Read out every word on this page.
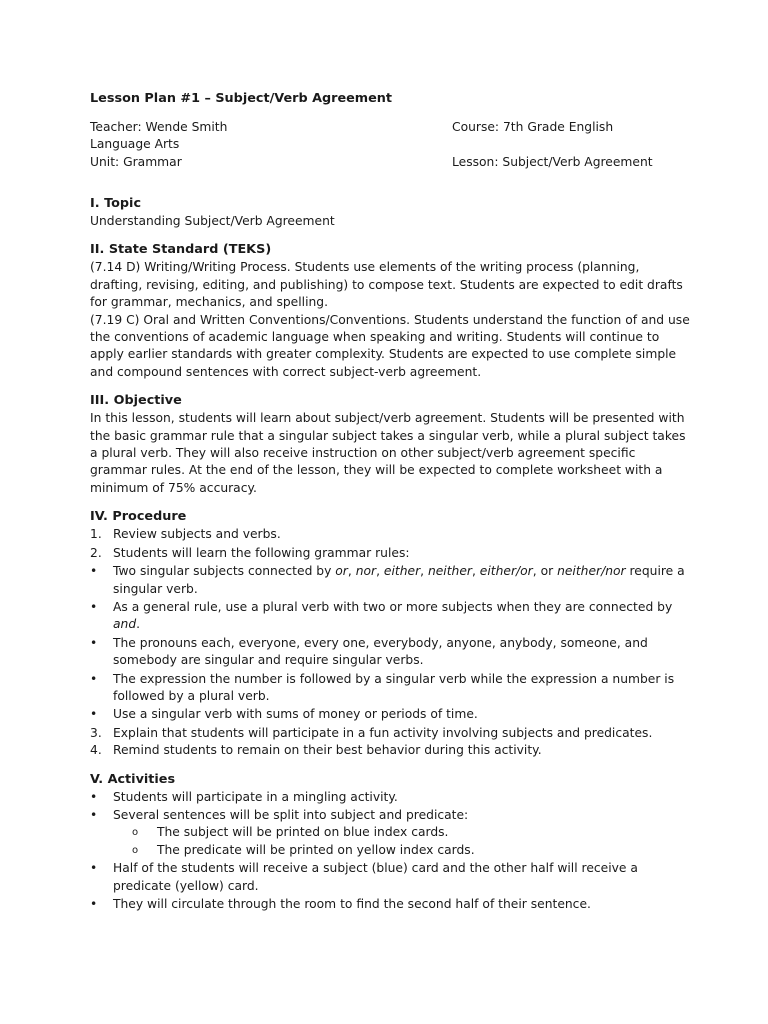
Lesson Plan #1 – Subject/Verb Agreement
Teacher: Wende Smith
Language Arts
Unit: Grammar
Course: 7th Grade English
Lesson: Subject/Verb Agreement
I. Topic

Understanding Subject/Verb Agreement

II. State Standard (TEKS)

(7.14 D) Writing/Writing Process. Students use elements of the writing process (planning, drafting, revising, editing, and publishing) to compose text. Students are expected to edit drafts for grammar, mechanics, and spelling.

(7.19 C) Oral and Written Conventions/Conventions. Students understand the function of and use the conventions of academic language when speaking and writing. Students will continue to apply earlier standards with greater complexity. Students are expected to use complete simple and compound sentences with correct subject-verb agreement.

III. Objective

In this lesson, students will learn about subject/verb agreement. Students will be presented with the basic grammar rule that a singular subject takes a singular verb, while a plural subject takes a plural verb. They will also receive instruction on other subject/verb agreement specific grammar rules. At the end of the lesson, they will be expected to complete worksheet with a minimum of 75% accuracy.

IV. Procedure
1. Review subjects and verbs.
2. Students will learn the following grammar rules:
•	Two singular subjects connected by or, nor, either, neither, either/or, or neither/nor require a singular verb.
•	As a general rule, use a plural verb with two or more subjects when they are connected by and.
•	The pronouns each, everyone, every one, everybody, anyone, anybody, someone, and somebody are singular and require singular verbs.
•	The expression the number is followed by a singular verb while the expression a number is followed by a plural verb.
•	Use a singular verb with sums of money or periods of time.
3. Explain that students will participate in a fun activity involving subjects and predicates.
4. Remind students to remain on their best behavior during this activity.
V. Activities
•	Students will participate in a mingling activity.
•	Several sentences will be split into subject and predicate:
o	The subject will be printed on blue index cards.
o	The predicate will be printed on yellow index cards.
•	Half of the students will receive a subject (blue) card and the other half will receive a predicate (yellow) card.
•	They will circulate through the room to find the second half of their sentence.
